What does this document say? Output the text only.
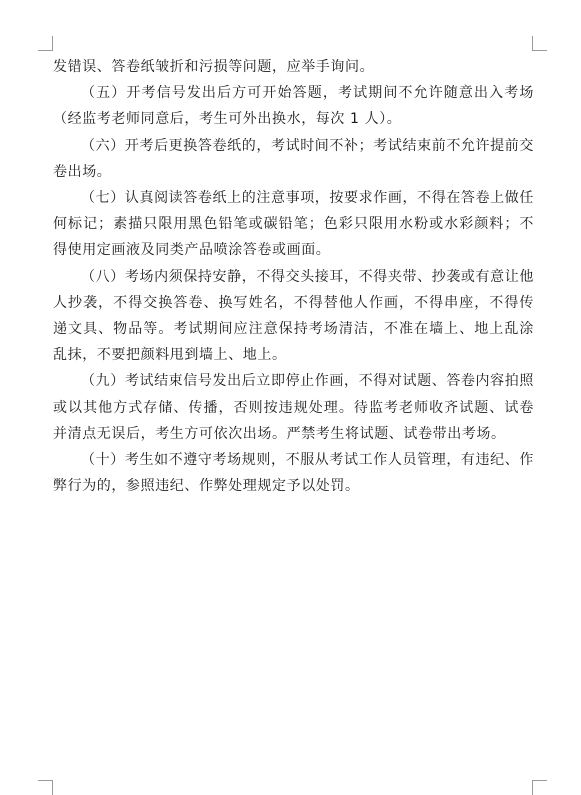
发错误、答卷纸皱折和污损等问题，应举手询问。

（五）开考信号发出后方可开始答题，考试期间不允许随意出入考场（经监考老师同意后，考生可外出换水，每次 1 人）。

（六）开考后更换答卷纸的，考试时间不补；考试结束前不允许提前交卷出场。

（七）认真阅读答卷纸上的注意事项，按要求作画，不得在答卷上做任何标记；素描只限用黑色铅笔或碳铅笔；色彩只限用水粉或水彩颜料；不得使用定画液及同类产品喷涂答卷或画面。

（八）考场内须保持安静，不得交头接耳，不得夹带、抄袭或有意让他人抄袭，不得交换答卷、换写姓名，不得替他人作画，不得串座，不得传递文具、物品等。考试期间应注意保持考场清洁，不准在墙上、地上乱涂乱抹，不要把颜料甩到墙上、地上。

（九）考试结束信号发出后立即停止作画，不得对试题、答卷内容拍照或以其他方式存储、传播，否则按违规处理。待监考老师收齐试题、试卷并清点无误后，考生方可依次出场。严禁考生将试题、试卷带出考场。

（十）考生如不遵守考场规则，不服从考试工作人员管理，有违纪、作弊行为的，参照违纪、作弊处理规定予以处罚。
